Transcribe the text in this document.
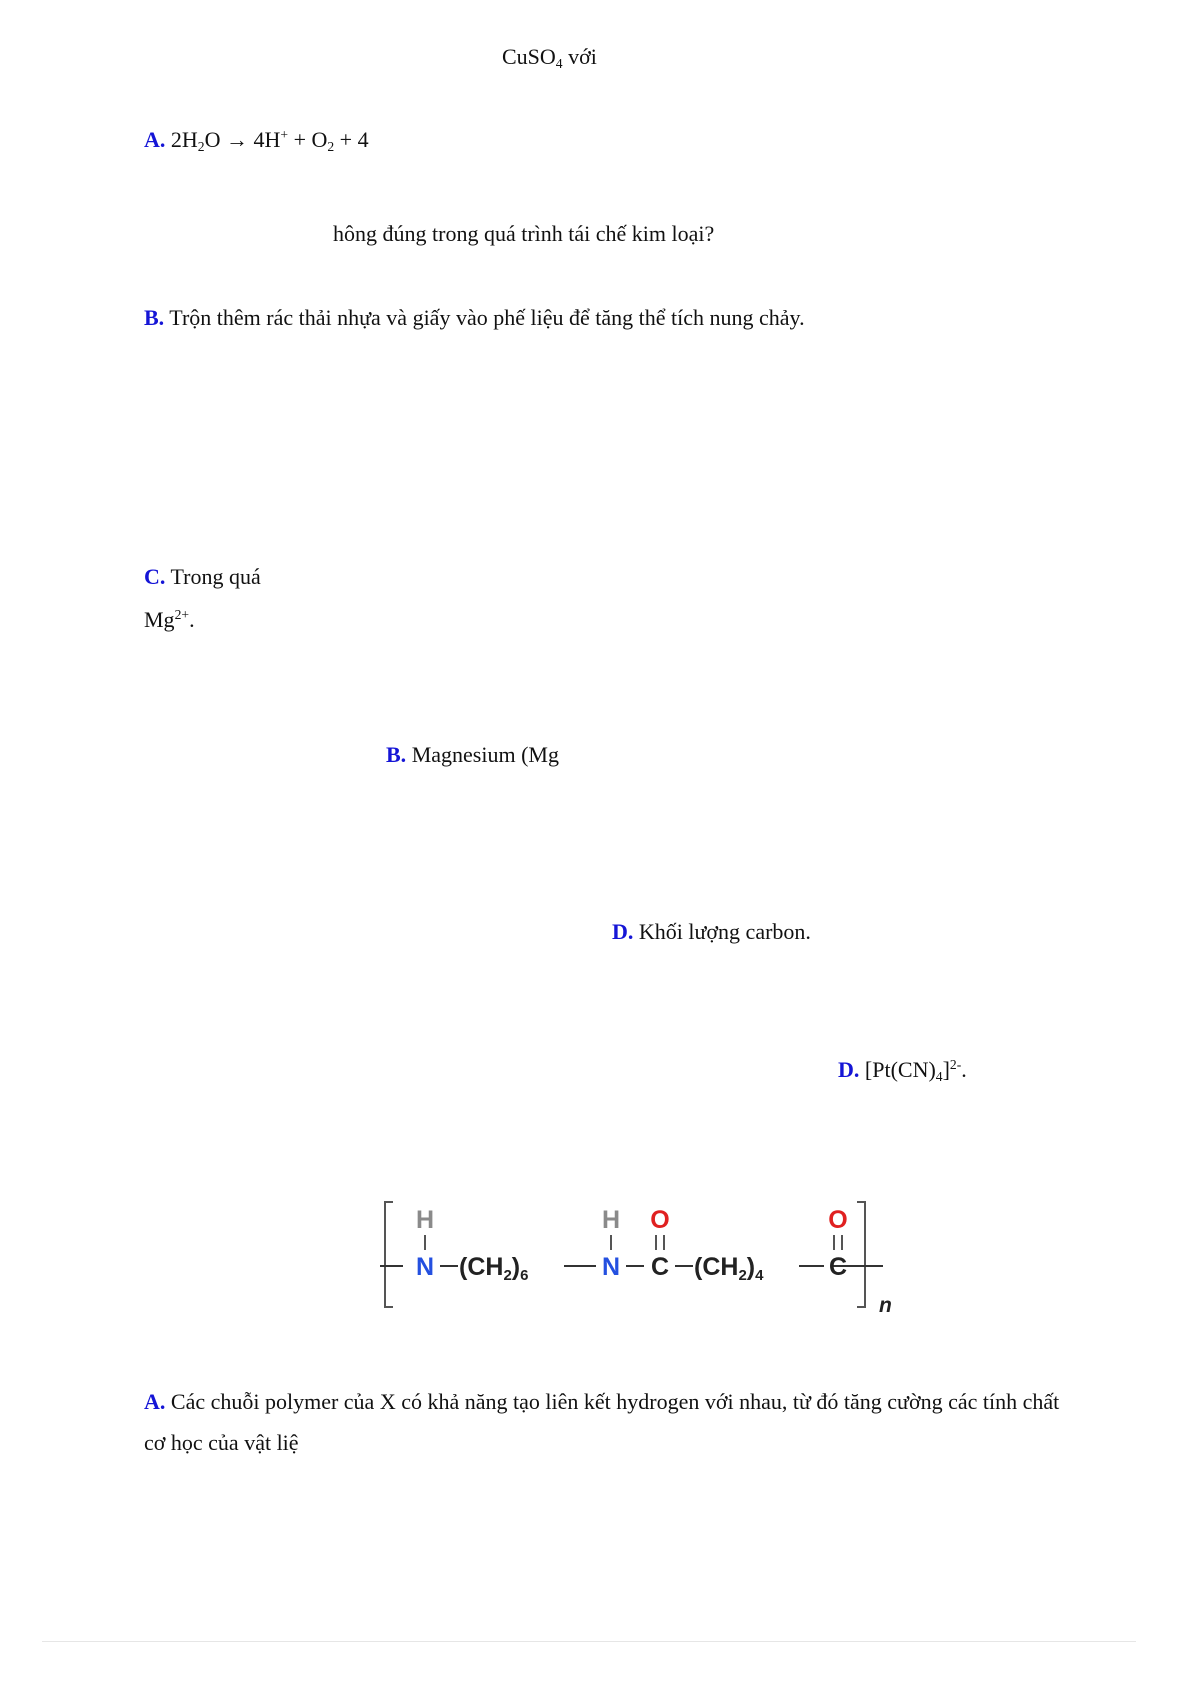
CuSO$_4$ với
A. $2H_2O \to 4H^+ + O_2 + 4$
hông đúng trong quá trình tái chế kim loại?
B. Trộn thêm rác thải nhựa và giấy vào phế liệu để tăng thể tích nung chảy.
C. Trong quá
$Mg^{2+}$.
B. Magnesium (Mg
D. Khối lượng carbon.
D. $[Pt(CN)_4]^{2-}$.
H
N $(CH_2)_6$
H
N
O
C $(CH_2)_4$
O
C
n
A. Các chuỗi polymer của X có khả năng tạo liên kết hydrogen với nhau, từ đó tăng cường các tính chất
cơ học của vật liệ
